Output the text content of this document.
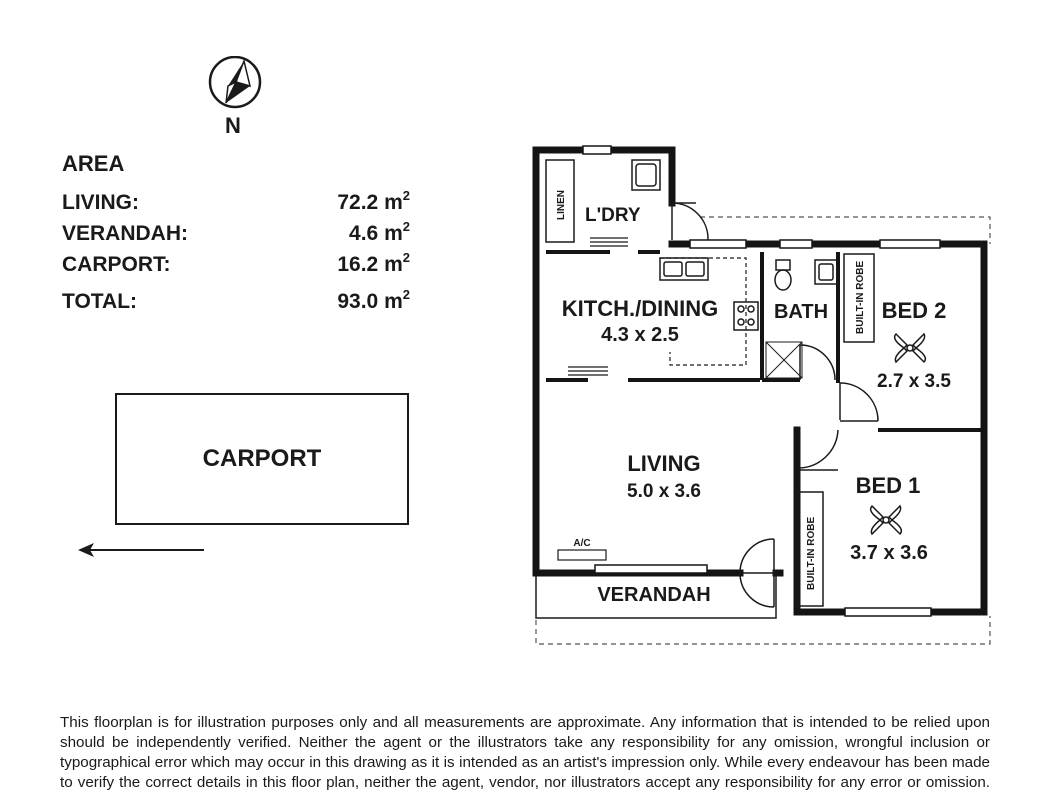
N
AREA
LIVING:	72.2 $m^2$
VERANDAH:	4.6 $m^2$
CARPORT:	16.2 $m^2$
TOTAL:	93.0 $m^2$
CARPORT
LINEN L'DRY
KITCH./DINING
4.3 x 2.5
BATH	BUILT-IN ROBE BED 2
2.7 x 3.5
BUILT-IN ROBE
BED 1
3.7 x 3.6
LIVING
5.0 x 3.6
A/C
VERANDAH
This floorplan is for illustration purposes only and all measurements are approximate. Any information that is intended to be relied upon should be independently verified. Neither the agent or the illustrators take any responsibility for any omission, wrongful inclusion or typographical error which may occur in this drawing as it is intended as an artist's impression only. While every endeavour has been made to verify the correct details in this floor plan, neither the agent, vendor, nor illustrators accept any responsibility for any error or omission.
